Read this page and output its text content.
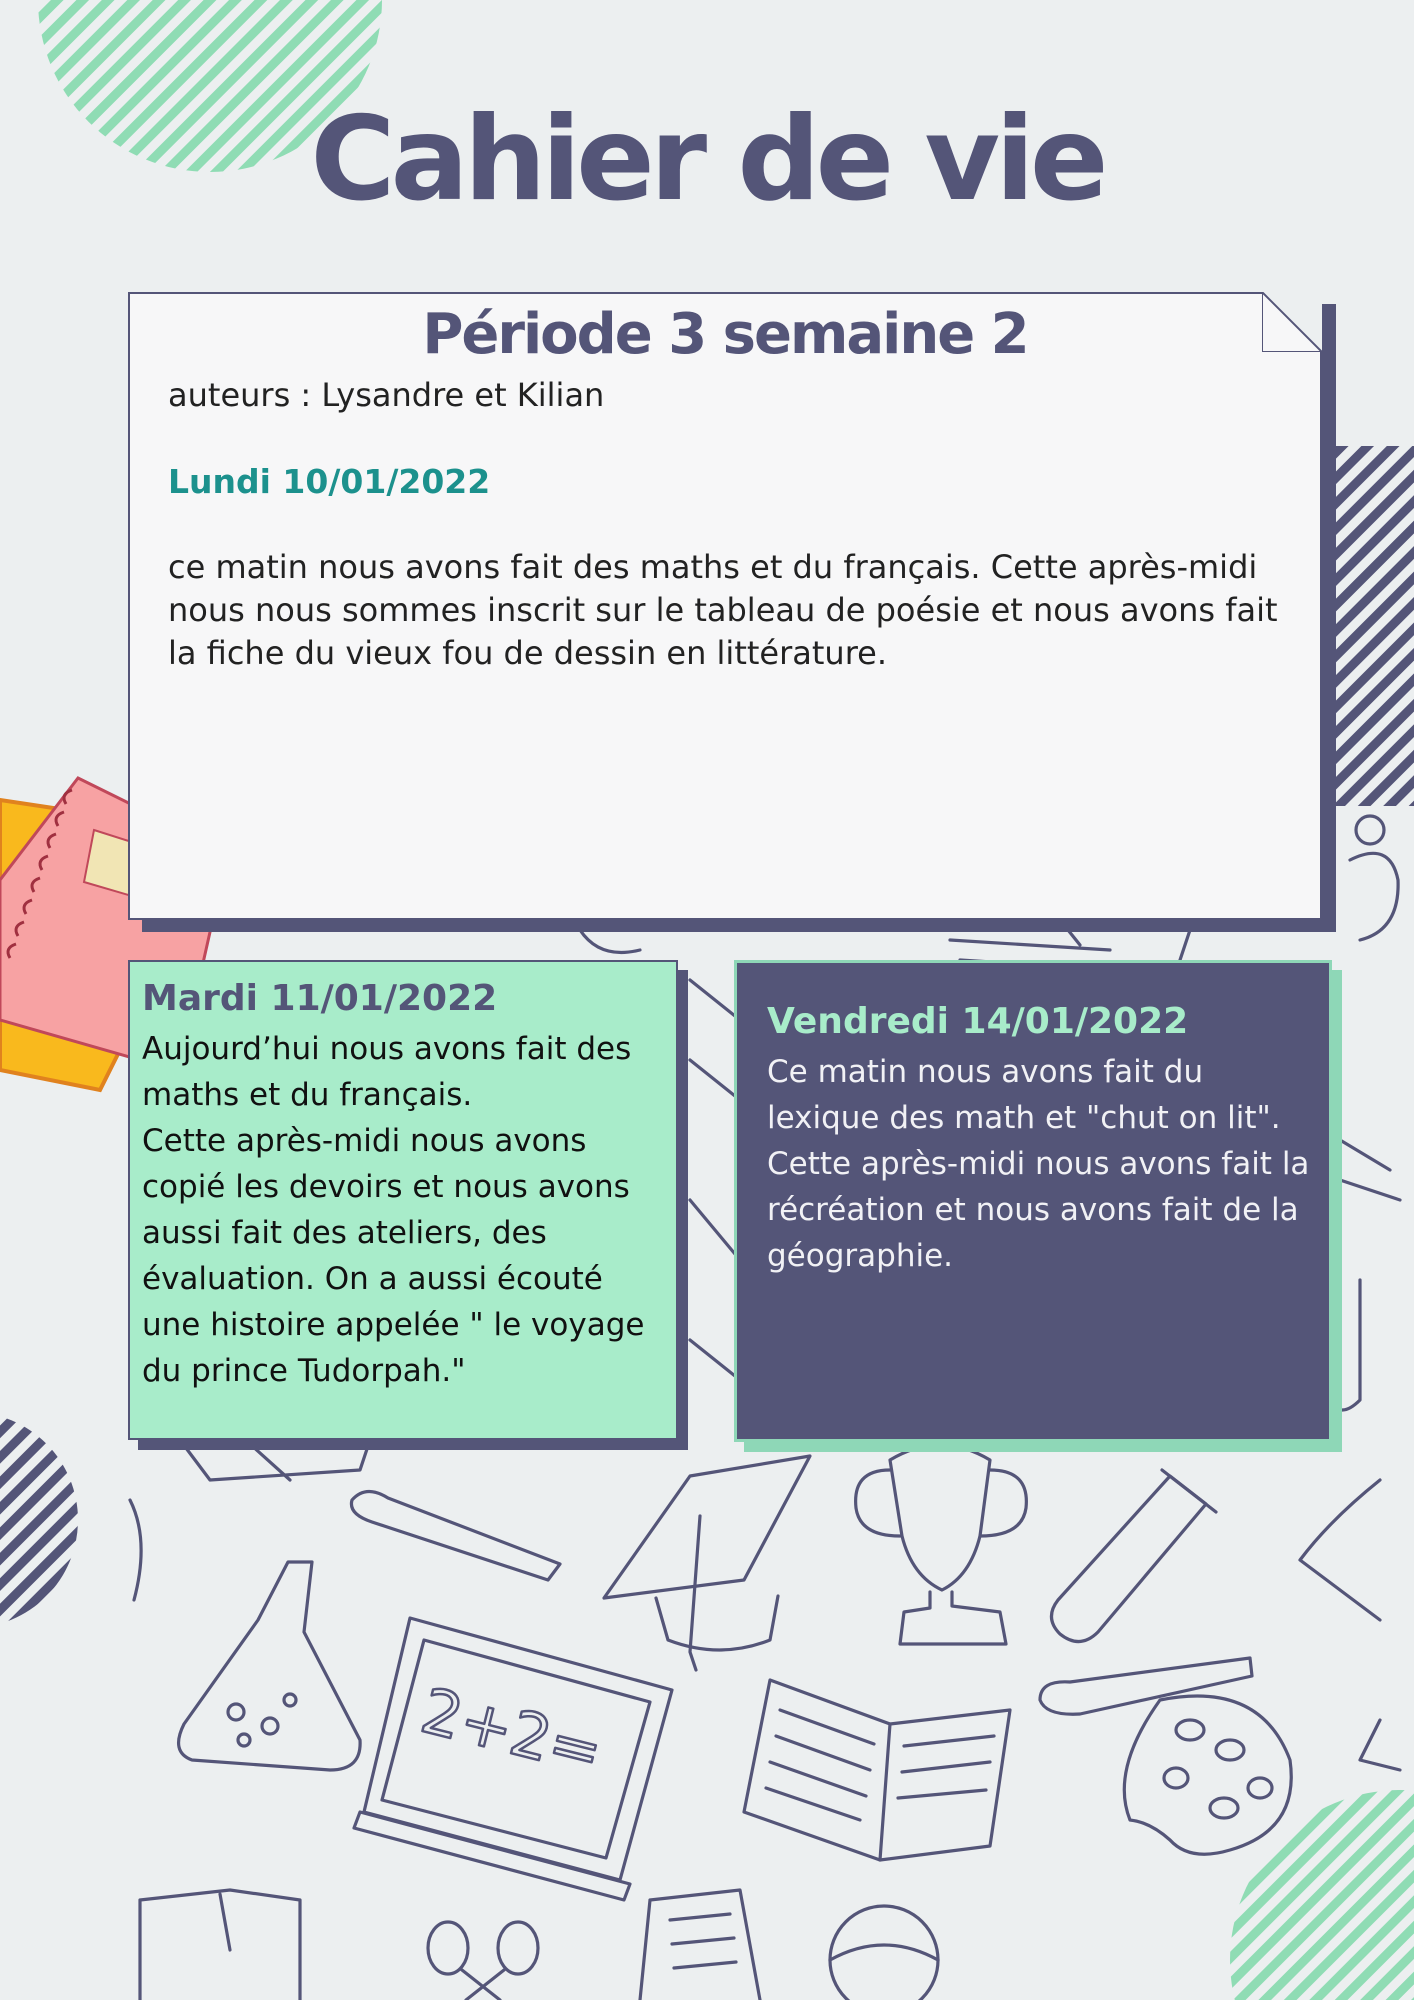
2+2=
Cahier de vie
Période 3 semaine 2

auteurs : Lysandre et Kilian

Lundi 10/01/2022

ce matin nous avons fait des maths et du français. Cette après-midi nous nous sommes inscrit sur le tableau de poésie et nous avons fait la fiche du vieux fou de dessin en littérature.

Mardi 11/01/2022

Aujourd’hui nous avons fait des maths et du français.
Cette après-midi nous avons copié les devoirs et nous avons aussi fait des ateliers, des évaluation. On a aussi écouté une histoire appelée " le voyage du prince Tudorpah."

Vendredi 14/01/2022

Ce matin nous avons fait du lexique des math et "chut on lit". Cette après-midi nous avons fait la récréation et nous avons fait de la géographie.
